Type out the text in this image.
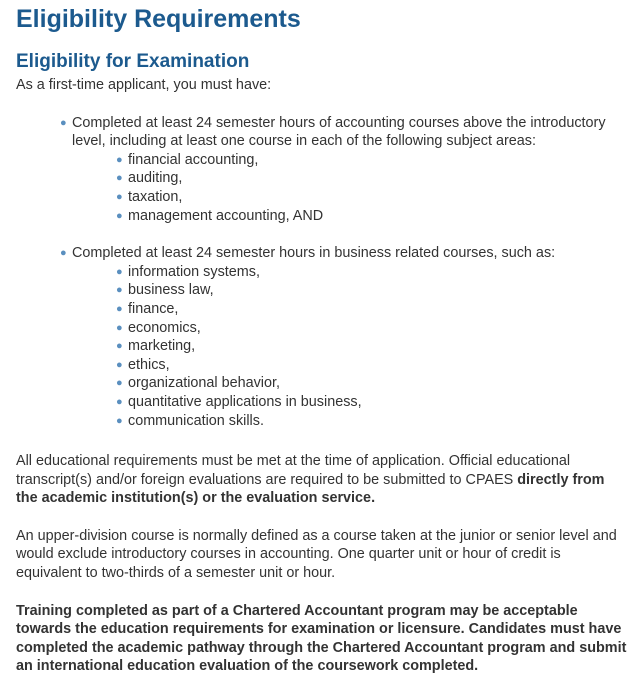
Eligibility Requirements
Eligibility for Examination

As a first-time applicant, you must have:

● Completed at least 24 semester hours of accounting courses above the introductory level, including at least one course in each of the following subject areas:
● financial accounting,
● auditing,
● taxation,
● management accounting, AND
● Completed at least 24 semester hours in business related courses, such as:
● information systems,
● business law,
● finance,
● economics,
● marketing,
● ethics,
● organizational behavior,
● quantitative applications in business,
● communication skills.

All educational requirements must be met at the time of application. Official educational transcript(s) and/or foreign evaluations are required to be submitted to CPAES directly from the academic institution(s) or the evaluation service.

An upper-division course is normally defined as a course taken at the junior or senior level and would exclude introductory courses in accounting. One quarter unit or hour of credit is equivalent to two-thirds of a semester unit or hour.

Training completed as part of a Chartered Accountant program may be acceptable towards the education requirements for examination or licensure. Candidates must have completed the academic pathway through the Chartered Accountant program and submit an international education evaluation of the coursework completed.
